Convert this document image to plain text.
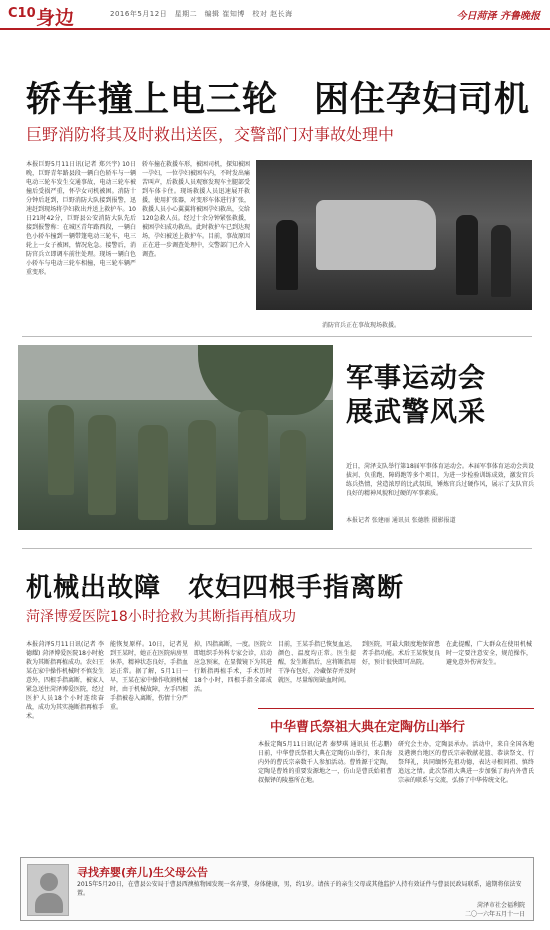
C10 身边	2016年5月12日　星期二　编辑 崔知博　校对 赵长海	今日菏泽 齐鲁晚报
轿车撞上电三轮　困住孕妇司机
巨野消防将其及时救出送医，交警部门对事故处理中
本报巨野5月11日讯(记者 郑兴宇) 10日晚，巨野青年路县段一辆白色轿车与一辆电动三轮车发生交通事故，电动三轮车被撞后受损严重，怀孕女司机被困。消防十分钟后赶到，巨野消防大队接到报警，迅速赶到现场将孕妇救出并送上救护车。10日21时42分，巨野县公安消防大队先后接到报警称：在城区青年路西段，一辆白色小轿车撞到一辆带篷电动三轮车，电三轮上一女子被困，情况危急。接警后，消防官兵立即调车前往处理。现场一辆白色小轿车与电动三轮车相撞，电三轮车辆严重变形。
轿车撞在救援车形，被困司机，探知被困一孕妇，一位孕妇被困车内，不时发出痛苦叫声，后救援人员观察发现车主腿部受到车体卡住。现场救援人员迅速展开救援，使用扩张器，对变形车体进行扩张，救援人员小心翼翼将被困孕妇救出，交给120急救人员。经过十余分钟紧张救援，被困孕妇成功救出。此时救护车已到达现场，孕妇被送上救护车。目前，事故原因正在进一步调查处理中，交警部门已介入调查。
消防官兵正在事故现场救援。
军事运动会
展武警风采
近日，菏泽支队举行第18届军事体育运动会。本届军事体育运动会共设拔河、负重跑、障碍跑等多个项目，为进一步检验训练成效，激发官兵练兵热情，营造浓厚的比武氛围，锤炼官兵过硬作风，展示了支队官兵良好的精神风貌和过硬的军事素质。
本报记者 张建丽 通讯员 张德胜 摄影报道
机械出故障　农妇四根手指离断
菏泽博爱医院18小时抢救为其断指再植成功
本报菏泽5月11日讯(记者 李德耀) 菏泽博爱医院18小时抢救为其断指再植成功。农妇王某在家中操作机械时不慎发生意外，四根手指离断，被家人紧急送往菏泽博爱医院，经过医护人员18个小时连续奋战，成功为其实施断指再植手术。
能恢复原样。10日，记者见到王某时，她正在医院病房里休养，精神状态良好，手指血运正常。据了解，5月1日一早，王某在家中操作收割机械时，由于机械故障，左手四根手指被卷入离断，伤情十分严重。
掉，四指离断，一度。医院立即组织手外科专家会诊，启动应急预案，在显微镜下为其进行断指再植手术，手术历时18个小时，四根手指全部成活。
目前，王某手指已恢复血运，颜色、温度均正常。医生提醒，发生断指后，应将断指用干净布包好，冷藏保存并及时就医，尽量缩短缺血时间。
到医院，可最大限度地保留患者手指功能。术后王某恢复良好，预计很快即可出院。
在此提醒，广大群众在使用机械时一定要注意安全，规范操作，避免意外伤害发生。
中华曹氏祭祖大典在定陶仿山举行
本报定陶5月11日讯(记者 秦梦琪 通讯员 任志鹏) 日前，中华曹氏祭祖大典在定陶仿山举行，来自海内外的曹氏宗亲数千人参加活动。曹姓源于定陶，定陶是曹姓的重要发源地之一，仿山是曹氏始祖曹叔振铎的陵墓所在地。
研究会主办，定陶县承办。活动中，来自全国各地及港澳台地区的曹氏宗亲敬献花篮、恭读祭文、行祭拜礼，共同缅怀先祖功德，表达寻根问祖、慎终追远之情。此次祭祖大典进一步加强了海内外曹氏宗亲的联系与交流，弘扬了中华传统文化。
寻找弃婴(弃儿)生父母公告
2015年5月20日，在曹县公安局于曹县西澳植物园发现一名弃婴，身体健康，男，约1岁。请孩子的亲生父母或其他监护人持有效证件与曹县民政局联系，逾期将依法安置。
菏泽市社会福利院
二〇一六年五月十一日
